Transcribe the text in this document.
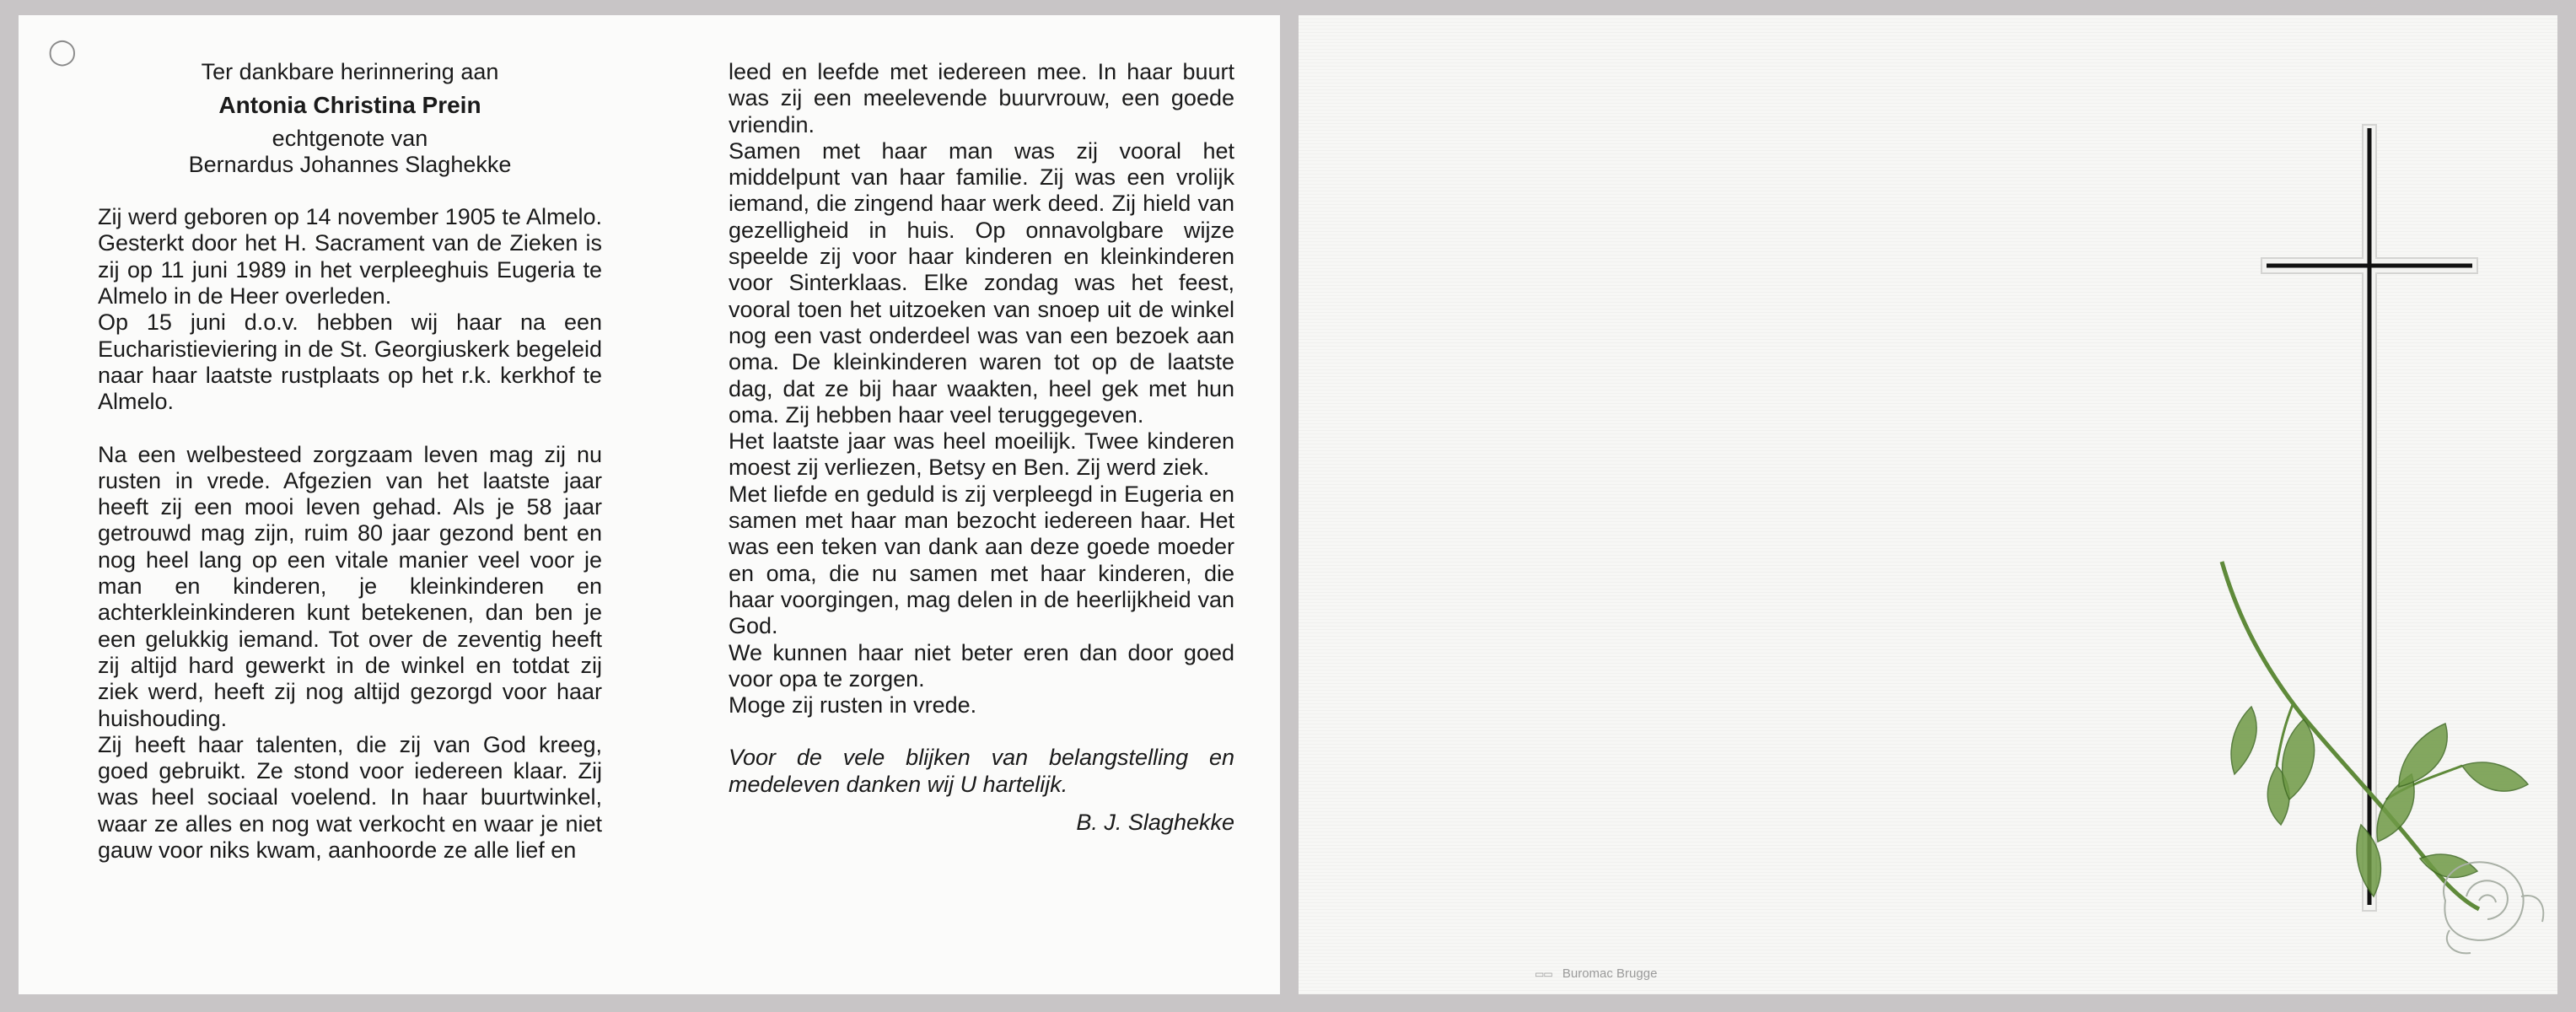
◯
Ter dankbare herinnering aan
Antonia Christina Prein
echtgenote van
Bernardus Johannes Slaghekke

Zij werd geboren op 14 november 1905 te Almelo. Gesterkt door het H. Sacrament van de Zieken is zij op 11 juni 1989 in het verpleeghuis Eugeria te Almelo in de Heer overleden.

Op 15 juni d.o.v. hebben wij haar na een Eucharistieviering in de St. Georgiuskerk begeleid naar haar laatste rustplaats op het r.k. kerkhof te Almelo.

Na een welbesteed zorgzaam leven mag zij nu rusten in vrede. Afgezien van het laatste jaar heeft zij een mooi leven gehad. Als je 58 jaar getrouwd mag zijn, ruim 80 jaar gezond bent en nog heel lang op een vitale manier veel voor je man en kinderen, je kleinkinderen en achterkleinkinderen kunt betekenen, dan ben je een gelukkig iemand. Tot over de zeventig heeft zij altijd hard gewerkt in de winkel en totdat zij ziek werd, heeft zij nog altijd gezorgd voor haar huishouding.

Zij heeft haar talenten, die zij van God kreeg, goed gebruikt. Ze stond voor iedereen klaar. Zij was heel sociaal voelend. In haar buurtwinkel, waar ze alles en nog wat verkocht en waar je niet gauw voor niks kwam, aanhoorde ze alle lief en

leed en leefde met iedereen mee. In haar buurt was zij een meelevende buurvrouw, een goede vriendin.

Samen met haar man was zij vooral het middelpunt van haar familie. Zij was een vrolijk iemand, die zingend haar werk deed. Zij hield van gezelligheid in huis. Op onnavolgbare wijze speelde zij voor haar kinderen en kleinkinderen voor Sinterklaas. Elke zondag was het feest, vooral toen het uitzoeken van snoep uit de winkel nog een vast onderdeel was van een bezoek aan oma. De kleinkinderen waren tot op de laatste dag, dat ze bij haar waakten, heel gek met hun oma. Zij hebben haar veel teruggegeven.

Het laatste jaar was heel moeilijk. Twee kinderen moest zij verliezen, Betsy en Ben. Zij werd ziek.

Met liefde en geduld is zij verpleegd in Eugeria en samen met haar man bezocht iedereen haar. Het was een teken van dank aan deze goede moeder en oma, die nu samen met haar kinderen, die haar voorgingen, mag delen in de heerlijkheid van God.

We kunnen haar niet beter eren dan door goed voor opa te zorgen.

Moge zij rusten in vrede.

Voor de vele blijken van belangstelling en medeleven danken wij U hartelijk.

B. J. Slaghekke
▭▭ Buromac Brugge
